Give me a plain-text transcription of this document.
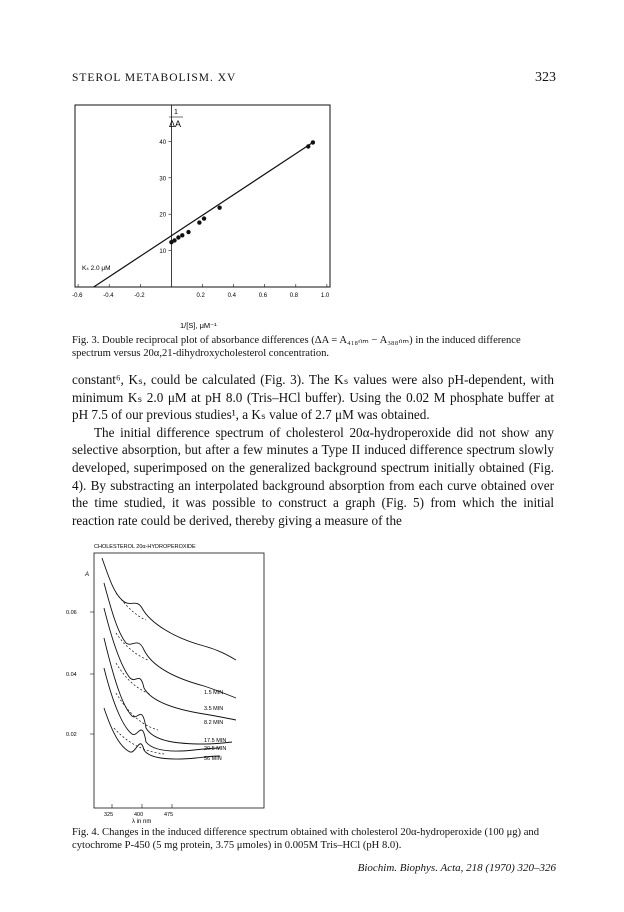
STEROL METABOLISM. XV	323
1
ΔA
Kₛ 2.0 μM
1/[S], μM⁻¹
10
20
30
40
-0.6	-0.4	-0.2	0.2	0.4	0.6	0.8	1.0
Fig. 3. Double reciprocal plot of absorbance differences (ΔA = A₄₁₈ₙₘ − A₃₈₈ₙₘ) in the induced difference spectrum versus 20α,21-dihydroxycholesterol concentration.

constant⁶, Kₛ, could be calculated (Fig. 3). The Kₛ values were also pH-dependent, with minimum Kₛ 2.0 μM at pH 8.0 (Tris–HCl buffer). Using the 0.02 M phosphate buffer at pH 7.5 of our previous studies¹, a Kₛ value of 2.7 μM was obtained.

The initial difference spectrum of cholesterol 20α-hydroperoxide did not show any selective absorption, but after a few minutes a Type II induced difference spectrum slowly developed, superimposed on the generalized background spectrum initially obtained (Fig. 4). By substracting an interpolated background absorption from each curve obtained over the time studied, it was possible to construct a graph (Fig. 5) from which the initial reaction rate could be derived, thereby giving a measure of the

CHOLESTEROL 20α-HYDROPEROXIDE
A
0.06
0.04
0.02
1.5 MIN
3.5 MIN
8.2 MIN
17.5 MIN
20.5 MIN
56 MIN
325	400	475
λ in nm
Fig. 4. Changes in the induced difference spectrum obtained with cholesterol 20α-hydroperoxide (100 μg) and cytochrome P-450 (5 mg protein, 3.75 μmoles) in 0.005M Tris–HCl (pH 8.0).
Biochim. Biophys. Acta, 218 (1970) 320–326
